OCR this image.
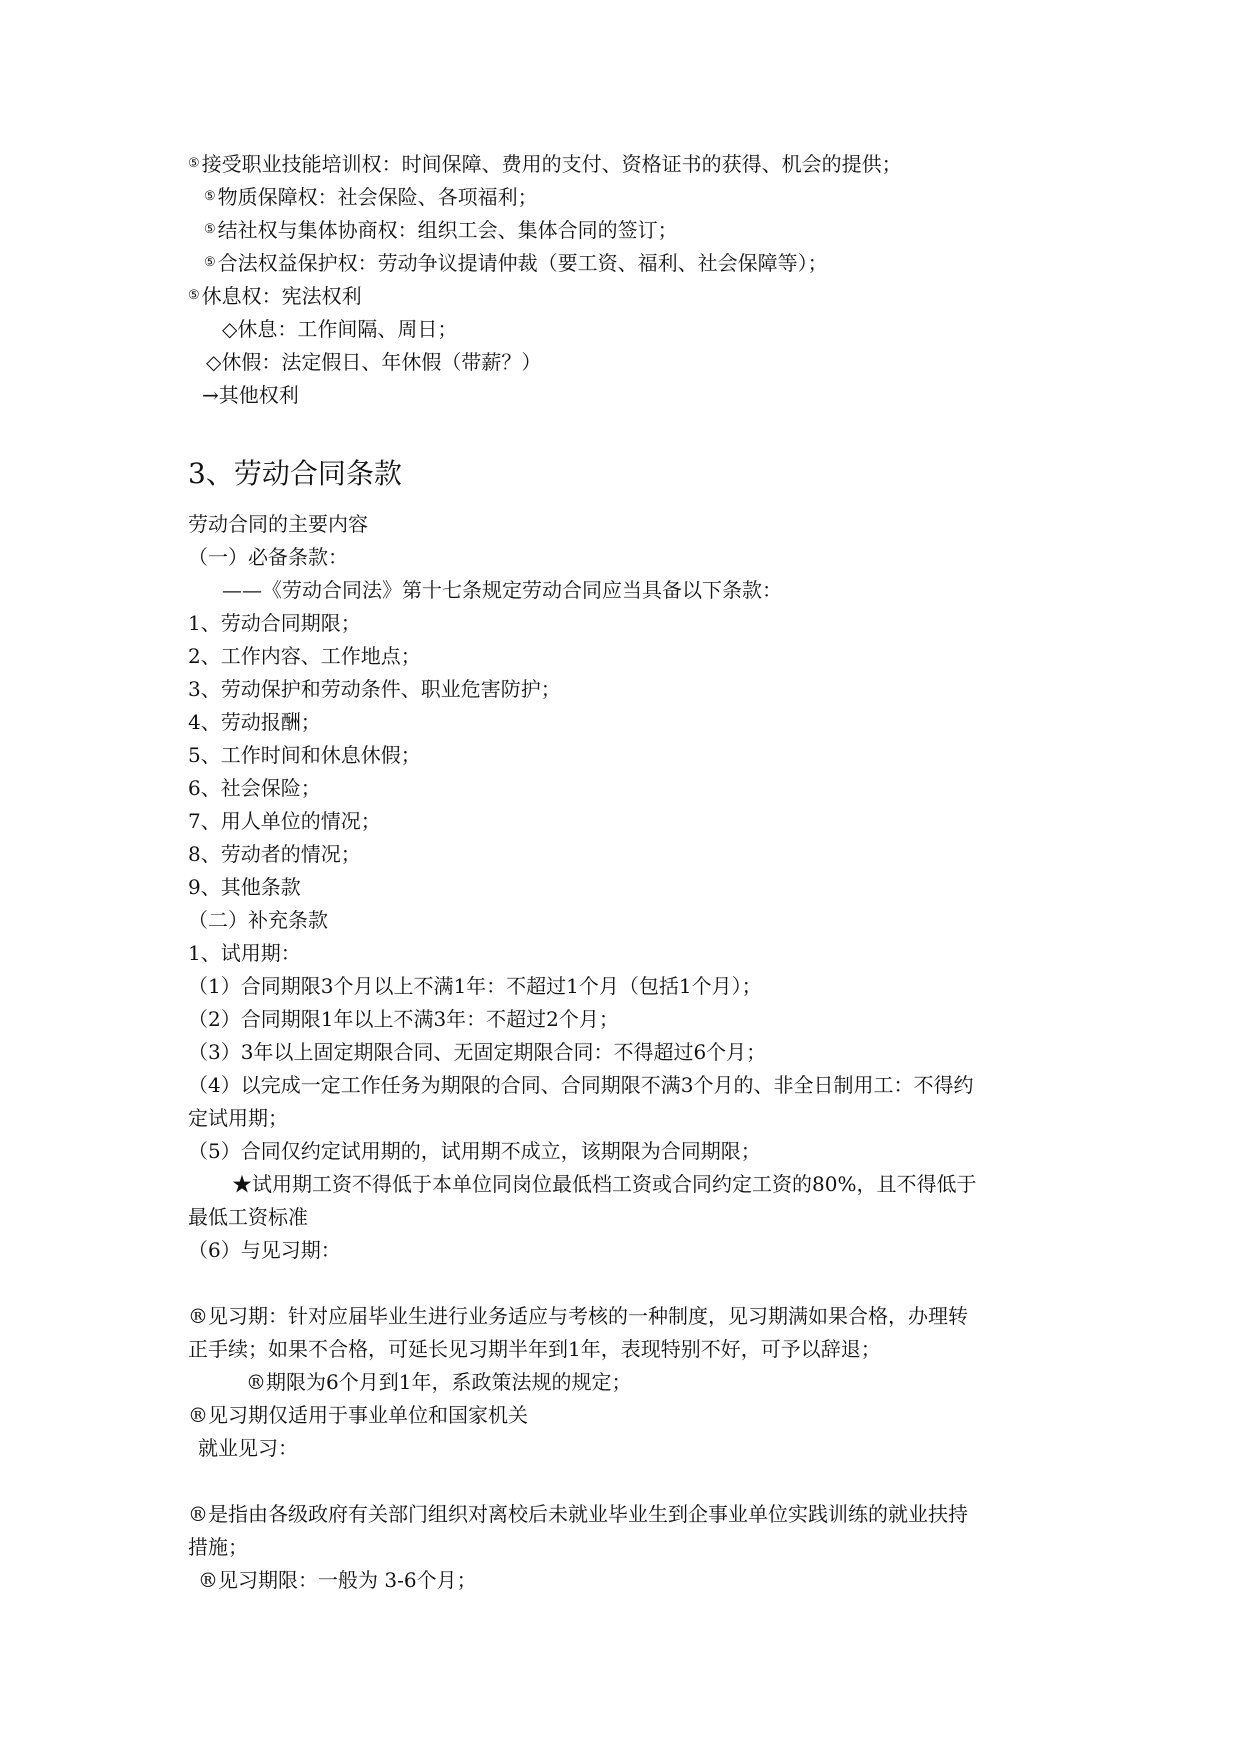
⑤ 接受职业技能培训权：时间保障、费用的支付、资格证书的获得、机会的提供；
⑤ 物质保障权：社会保险、各项福利；
⑤ 结社权与集体协商权：组织工会、集体合同的签订；
⑤ 合法权益保护权：劳动争议提请仲裁（要工资、福利、社会保障等）；
⑤ 休息权：宪法权利
◇休息：工作间隔、周日；
◇休假：法定假日、年休假（带薪？）
→其他权利
3、劳动合同条款
劳动合同的主要内容
（一）必备条款：
——《劳动合同法》第十七条规定劳动合同应当具备以下条款：
1、劳动合同期限；
2、工作内容、工作地点；
3、劳动保护和劳动条件、职业危害防护；
4、劳动报酬；
5、工作时间和休息休假；
6、社会保险；
7、用人单位的情况；
8、劳动者的情况；
9、其他条款
（二）补充条款
1、试用期：
（1）合同期限3个月以上不满1年：不超过1个月（包括1个月）；
（2）合同期限1年以上不满3年：不超过2个月；
（3）3年以上固定期限合同、无固定期限合同：不得超过6个月；
（4）以完成一定工作任务为期限的合同、合同期限不满3个月的、非全日制用工：不得约
定试用期；
（5）合同仅约定试用期的，试用期不成立，该期限为合同期限；
★试用期工资不得低于本单位同岗位最低档工资或合同约定工资的80%，且不得低于
最低工资标准
（6）与见习期：
®见习期：针对应届毕业生进行业务适应与考核的一种制度，见习期满如果合格，办理转
正手续；如果不合格，可延长见习期半年到1年，表现特别不好，可予以辞退；
®期限为6个月到1年，系政策法规的规定；
®见习期仅适用于事业单位和国家机关
就业见习：
®是指由各级政府有关部门组织对离校后未就业毕业生到企事业单位实践训练的就业扶持
措施；
®见习期限：一般为 3-6个月；
